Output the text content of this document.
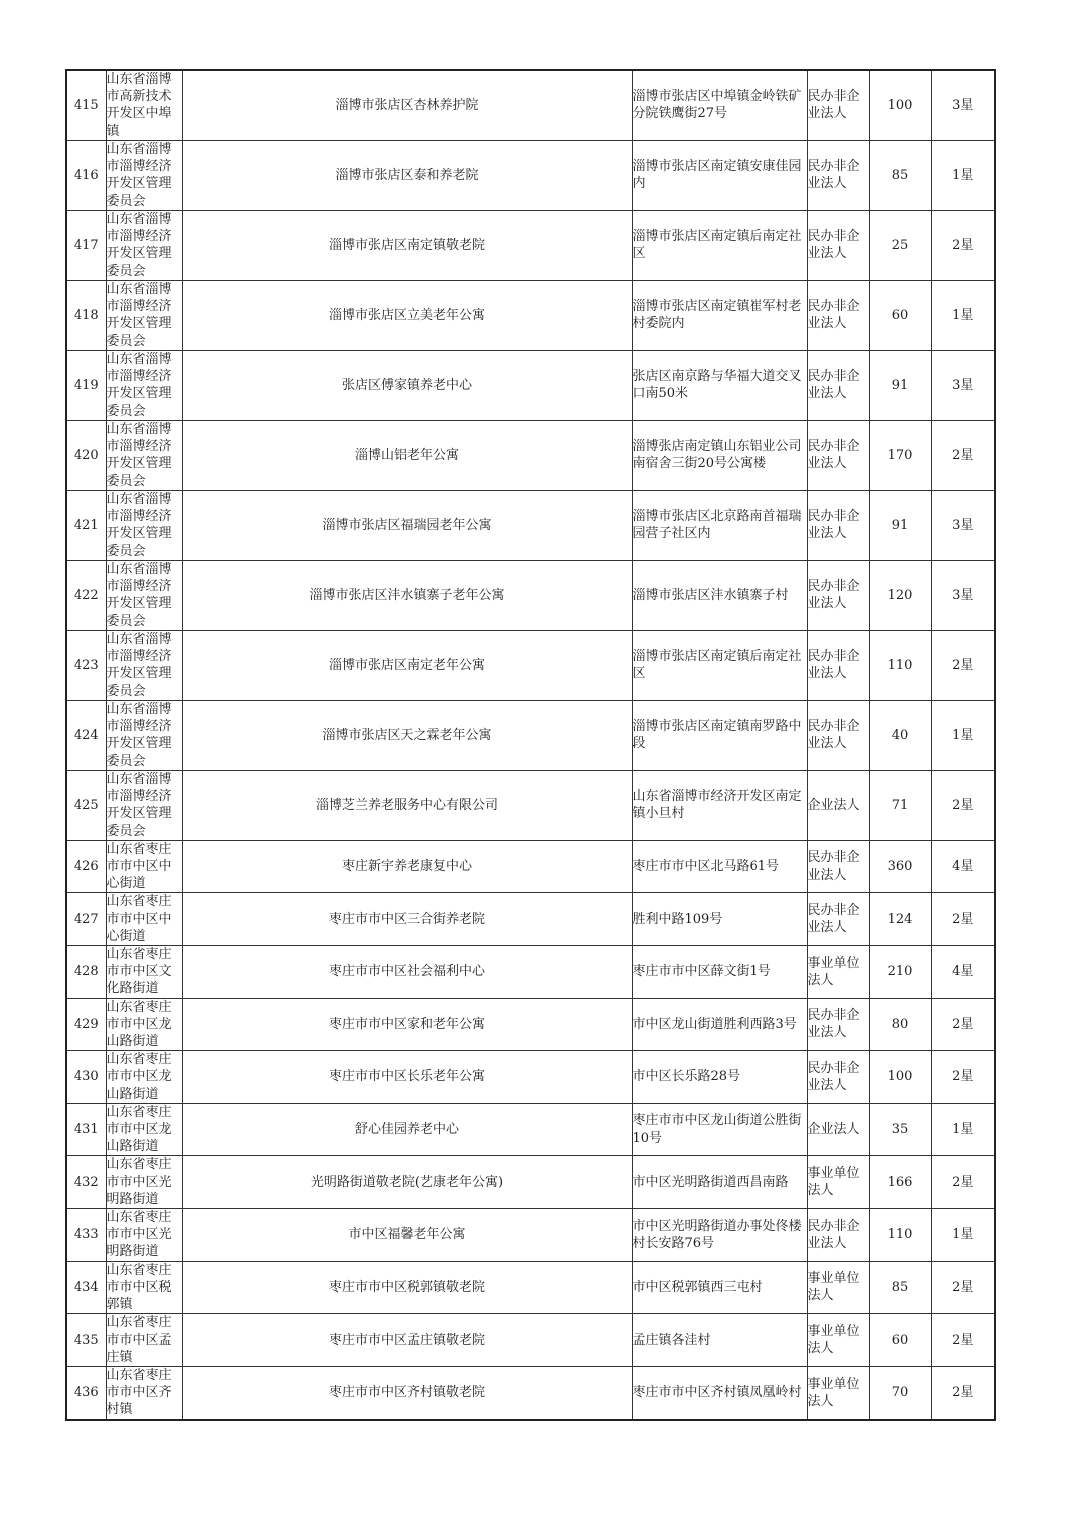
415	山东省淄博市高新技术开发区中埠镇	淄博市张店区杏林养护院	淄博市张店区中埠镇金岭铁矿分院铁鹰街27号	民办非企业法人	100	3星
416	山东省淄博市淄博经济开发区管理委员会	淄博市张店区泰和养老院	淄博市张店区南定镇安康佳园内	民办非企业法人	85	1星
417	山东省淄博市淄博经济开发区管理委员会	淄博市张店区南定镇敬老院	淄博市张店区南定镇后南定社区	民办非企业法人	25	2星
418	山东省淄博市淄博经济开发区管理委员会	淄博市张店区立美老年公寓	淄博市张店区南定镇崔军村老村委院内	民办非企业法人	60	1星
419	山东省淄博市淄博经济开发区管理委员会	张店区傅家镇养老中心	张店区南京路与华福大道交叉口南50米	民办非企业法人	91	3星
420	山东省淄博市淄博经济开发区管理委员会	淄博山铝老年公寓	淄博张店南定镇山东铝业公司南宿舍三街20号公寓楼	民办非企业法人	170	2星
421	山东省淄博市淄博经济开发区管理委员会	淄博市张店区福瑞园老年公寓	淄博市张店区北京路南首福瑞园营子社区内	民办非企业法人	91	3星
422	山东省淄博市淄博经济开发区管理委员会	淄博市张店区沣水镇寨子老年公寓	淄博市张店区沣水镇寨子村	民办非企业法人	120	3星
423	山东省淄博市淄博经济开发区管理委员会	淄博市张店区南定老年公寓	淄博市张店区南定镇后南定社区	民办非企业法人	110	2星
424	山东省淄博市淄博经济开发区管理委员会	淄博市张店区天之霖老年公寓	淄博市张店区南定镇南罗路中段	民办非企业法人	40	1星
425	山东省淄博市淄博经济开发区管理委员会	淄博芝兰养老服务中心有限公司	山东省淄博市经济开发区南定镇小旦村	企业法人	71	2星
426	山东省枣庄市市中区中心街道	枣庄新宇养老康复中心	枣庄市市中区北马路61号	民办非企业法人	360	4星
427	山东省枣庄市市中区中心街道	枣庄市市中区三合街养老院	胜利中路109号	民办非企业法人	124	2星
428	山东省枣庄市市中区文化路街道	枣庄市市中区社会福利中心	枣庄市市中区薛文街1号	事业单位法人	210	4星
429	山东省枣庄市市中区龙山路街道	枣庄市市中区家和老年公寓	市中区龙山街道胜利西路3号	民办非企业法人	80	2星
430	山东省枣庄市市中区龙山路街道	枣庄市市中区长乐老年公寓	市中区长乐路28号	民办非企业法人	100	2星
431	山东省枣庄市市中区龙山路街道	舒心佳园养老中心	枣庄市市中区龙山街道公胜街10号	企业法人	35	1星
432	山东省枣庄市市中区光明路街道	光明路街道敬老院(艺康老年公寓)	市中区光明路街道西昌南路	事业单位法人	166	2星
433	山东省枣庄市市中区光明路街道	市中区福馨老年公寓	市中区光明路街道办事处佟楼村长安路76号	民办非企业法人	110	1星
434	山东省枣庄市市中区税郭镇	枣庄市市中区税郭镇敬老院	市中区税郭镇西三屯村	事业单位法人	85	2星
435	山东省枣庄市市中区孟庄镇	枣庄市市中区孟庄镇敬老院	孟庄镇各洼村	事业单位法人	60	2星
436	山东省枣庄市市中区齐村镇	枣庄市市中区齐村镇敬老院	枣庄市市中区齐村镇凤凰岭村	事业单位法人	70	2星
